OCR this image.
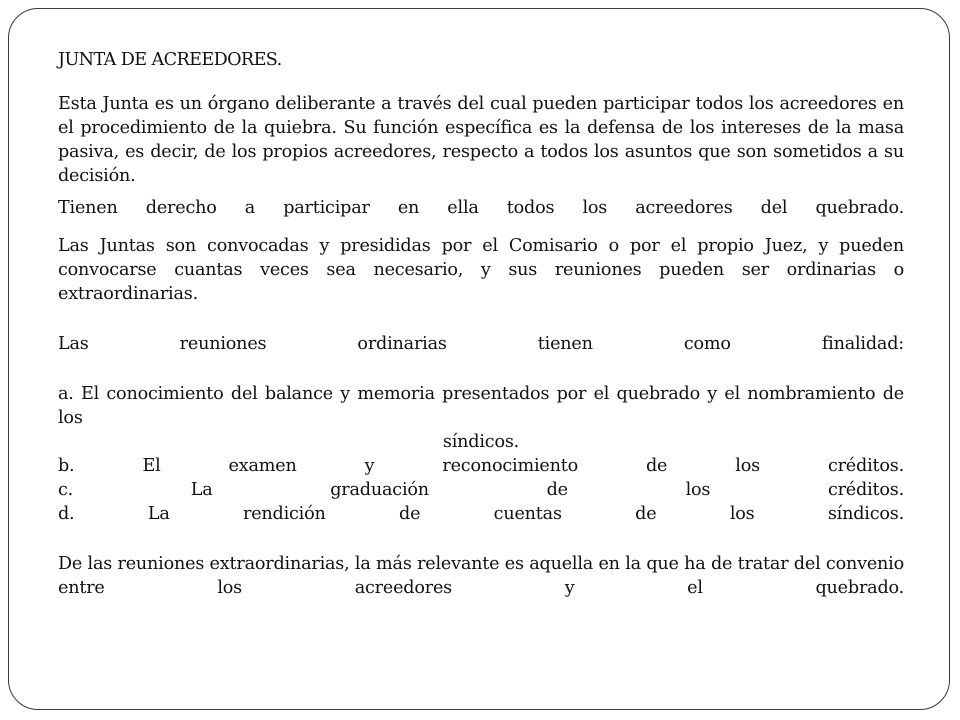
JUNTA DE ACREEDORES.

Esta Junta es un órgano deliberante a través del cual pueden participar todos los acreedores en el procedimiento de la quiebra. Su función específica es la defensa de los intereses de la masa pasiva, es decir, de los propios acreedores, respecto a todos los asuntos que son sometidos a su decisión.

Tienen derecho a participar en ella todos los acreedores del quebrado.

Las Juntas son convocadas y presididas por el Comisario o por el propio Juez, y pueden convocarse cuantas veces sea necesario, y sus reuniones pueden ser ordinarias o extraordinarias.

Las reuniones ordinarias tienen como finalidad:

a. El conocimiento del balance y memoria presentados por el quebrado y el nombramiento de los
síndicos.
b. El examen y reconocimiento de los créditos.
c. La graduación de los créditos.
d. La rendición de cuentas de los síndicos.

De las reuniones extraordinarias, la más relevante es aquella en la que ha de tratar del convenio entre los acreedores y el quebrado.
